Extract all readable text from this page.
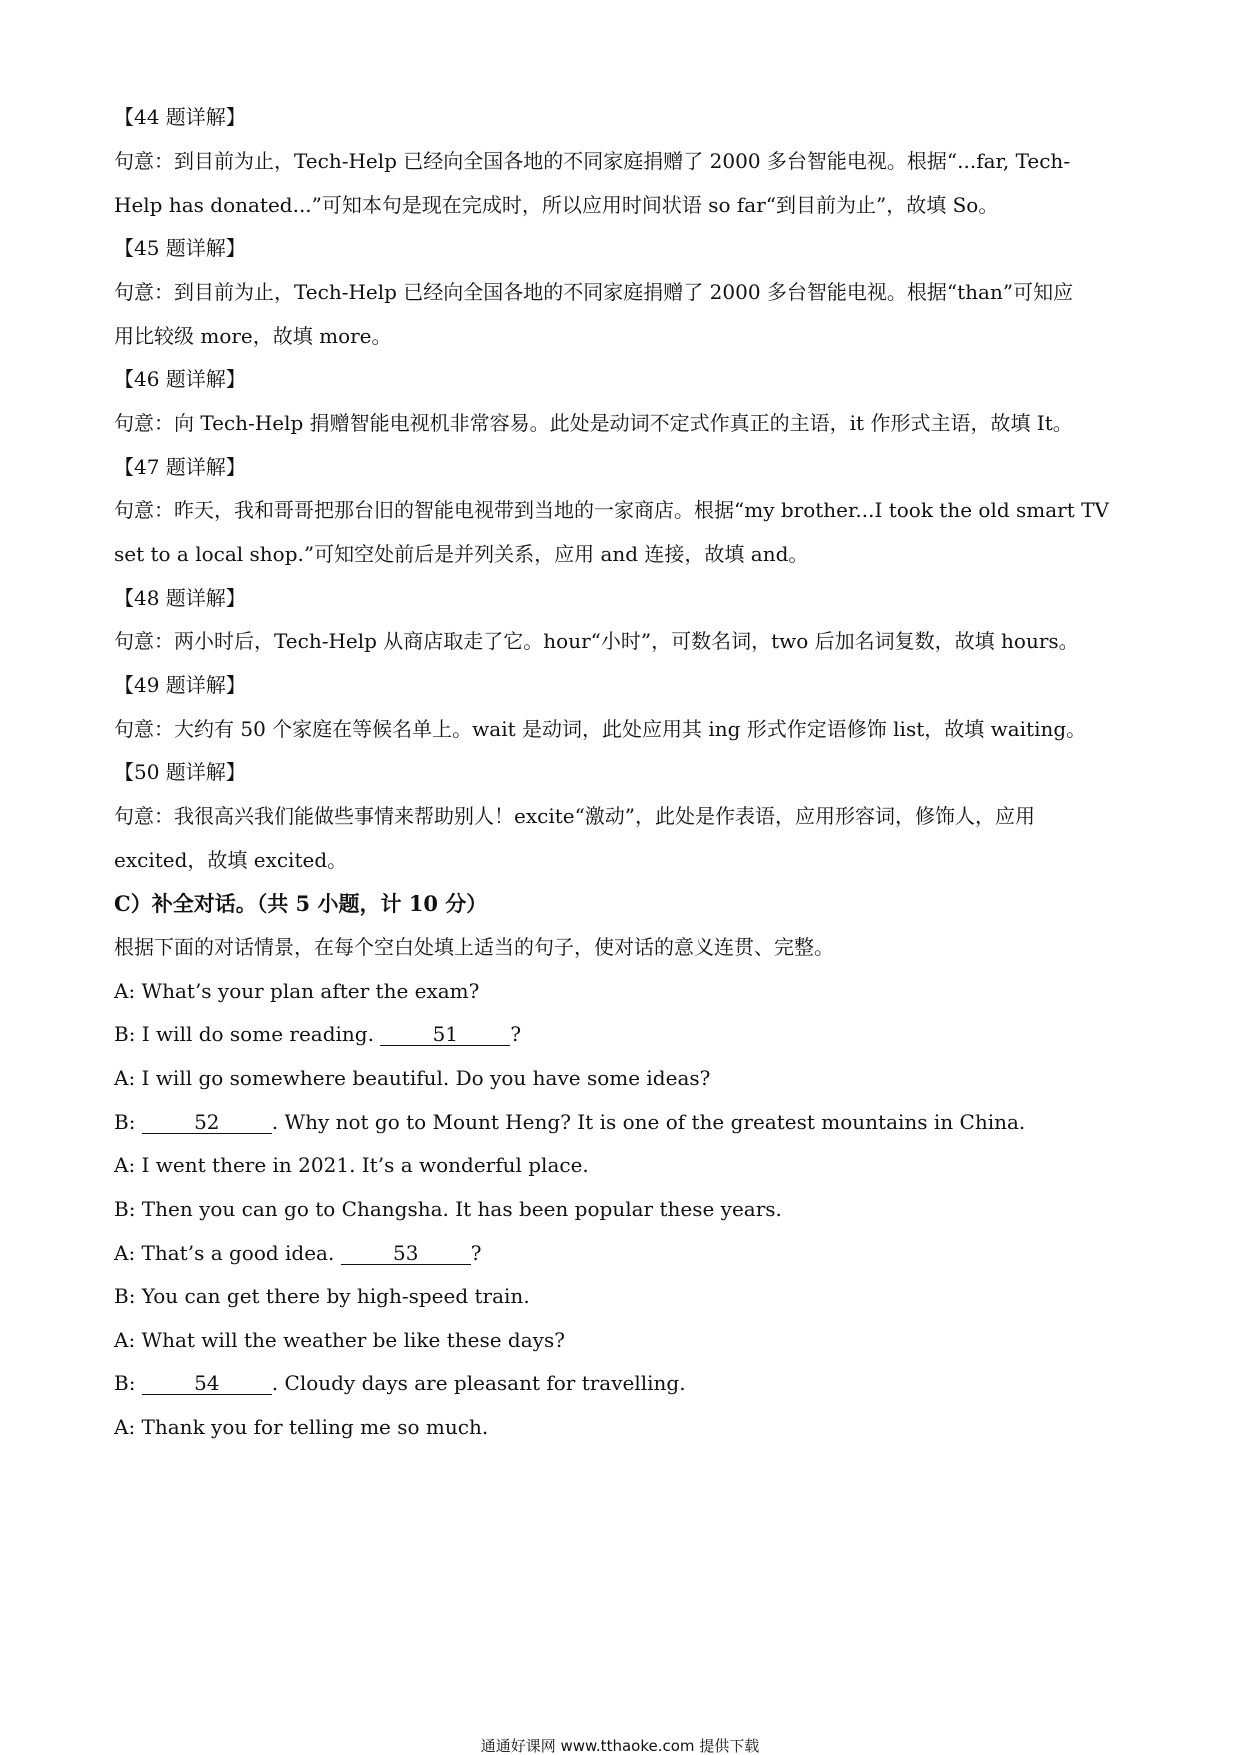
【44 题详解】

句意：到目前为止，Tech-Help 已经向全国各地的不同家庭捐赠了 2000 多台智能电视。根据“...far, Tech-

Help has donated...”可知本句是现在完成时，所以应用时间状语 so far“到目前为止”，故填 So。

【45 题详解】

句意：到目前为止，Tech-Help 已经向全国各地的不同家庭捐赠了 2000 多台智能电视。根据“than”可知应

用比较级 more，故填 more。

【46 题详解】

句意：向 Tech-Help 捐赠智能电视机非常容易。此处是动词不定式作真正的主语，it 作形式主语，故填 It。

【47 题详解】

句意：昨天，我和哥哥把那台旧的智能电视带到当地的一家商店。根据“my brother...I took the old smart TV

set to a local shop.”可知空处前后是并列关系，应用 and 连接，故填 and。

【48 题详解】

句意：两小时后，Tech-Help 从商店取走了它。hour“小时”，可数名词，two 后加名词复数，故填 hours。

【49 题详解】

句意：大约有 50 个家庭在等候名单上。wait 是动词，此处应用其 ing 形式作定语修饰 list，故填 waiting。

【50 题详解】

句意：我很高兴我们能做些事情来帮助别人！excite“激动”，此处是作表语，应用形容词，修饰人，应用

excited，故填 excited。

C）补全对话。（共 5 小题，计 10 分）

根据下面的对话情景，在每个空白处填上适当的句子，使对话的意义连贯、完整。

A: What’s your plan after the exam?

B: I will do some reading.	51	?

A: I will go somewhere beautiful. Do you have some ideas?

B:	52	. Why not go to Mount Heng? It is one of the greatest mountains in China.

A: I went there in 2021. It’s a wonderful place.

B: Then you can go to Changsha. It has been popular these years.

A: That’s a good idea.	53	?

B: You can get there by high-speed train.

A: What will the weather be like these days?

B:	54	. Cloudy days are pleasant for travelling.

A: Thank you for telling me so much.

通通好课网 www.tthaoke.com 提供下载
